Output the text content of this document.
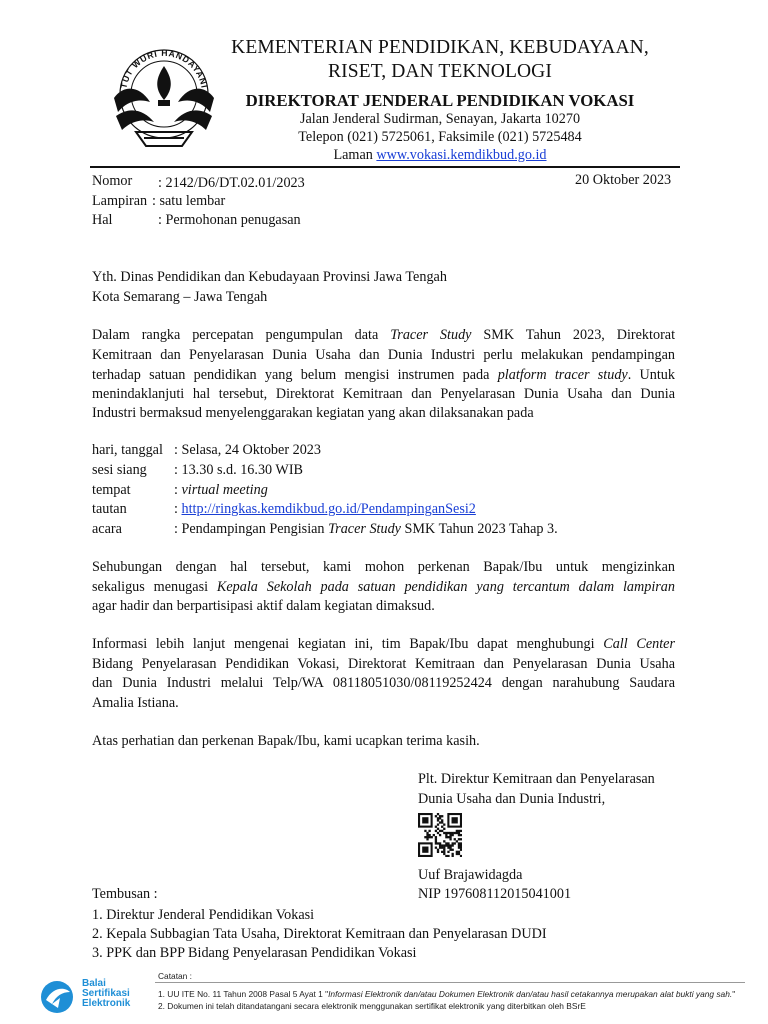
TUT WURI HANDAYANI
KEMENTERIAN PENDIDIKAN, KEBUDAYAAN,
RISET, DAN TEKNOLOGI
DIREKTORAT JENDERAL PENDIDIKAN VOKASI
Jalan Jenderal Sudirman, Senayan, Jakarta 10270
Telepon (021) 5725061, Faksimile (021) 5725484
Laman www.vokasi.kemdikbud.go.id
Nomor : 2142/D6/DT.02.01/2023	20 Oktober 2023
Lampiran : satu lembar
Hal	: Permohonan penugasan
Yth. Dinas Pendidikan dan Kebudayaan Provinsi Jawa Tengah
Kota Semarang – Jawa Tengah
Dalam rangka percepatan pengumpulan data Tracer Study SMK Tahun 2023, Direktorat
Kemitraan dan Penyelarasan Dunia Usaha dan Dunia Industri perlu melakukan pendampingan
terhadap satuan pendidikan yang belum mengisi instrumen pada platform tracer study. Untuk
menindaklanjuti hal tersebut, Direktorat Kemitraan dan Penyelarasan Dunia Usaha dan Dunia
Industri bermaksud menyelenggarakan kegiatan yang akan dilaksanakan pada
hari, tanggal : Selasa, 24 Oktober 2023
sesi siang : 13.30 s.d. 16.30 WIB
tempat	: virtual meeting
tautan	: http://ringkas.kemdikbud.go.id/PendampinganSesi2
acara	: Pendampingan Pengisian Tracer Study SMK Tahun 2023 Tahap 3.
Sehubungan dengan hal tersebut, kami mohon perkenan Bapak/Ibu untuk mengizinkan
sekaligus menugasi Kepala Sekolah pada satuan pendidikan yang tercantum dalam lampiran
agar hadir dan berpartisipasi aktif dalam kegiatan dimaksud.
Informasi lebih lanjut mengenai kegiatan ini, tim Bapak/Ibu dapat menghubungi Call Center
Bidang Penyelarasan Pendidikan Vokasi, Direktorat Kemitraan dan Penyelarasan Dunia Usaha
dan Dunia Industri melalui Telp/WA 08118051030/08119252424 dengan narahubung Saudara
Amalia Istiana.
Atas perhatian dan perkenan Bapak/Ibu, kami ucapkan terima kasih.
Plt. Direktur Kemitraan dan Penyelarasan
Dunia Usaha dan Dunia Industri,
Uuf Brajawidagda
NIP 197608112015041001
Tembusan :
1. Direktur Jenderal Pendidikan Vokasi
2. Kepala Subbagian Tata Usaha, Direktorat Kemitraan dan Penyelarasan DUDI
3. PPK dan BPP Bidang Penyelarasan Pendidikan Vokasi
Balai
Sertifikasi
Elektronik
Catatan :
1. UU ITE No. 11 Tahun 2008 Pasal 5 Ayat 1 "Informasi Elektronik dan/atau Dokumen Elektronik dan/atau hasil cetakannya merupakan alat bukti yang sah."
2. Dokumen ini telah ditandatangani secara elektronik menggunakan sertifikat elektronik yang diterbitkan oleh BSrE
